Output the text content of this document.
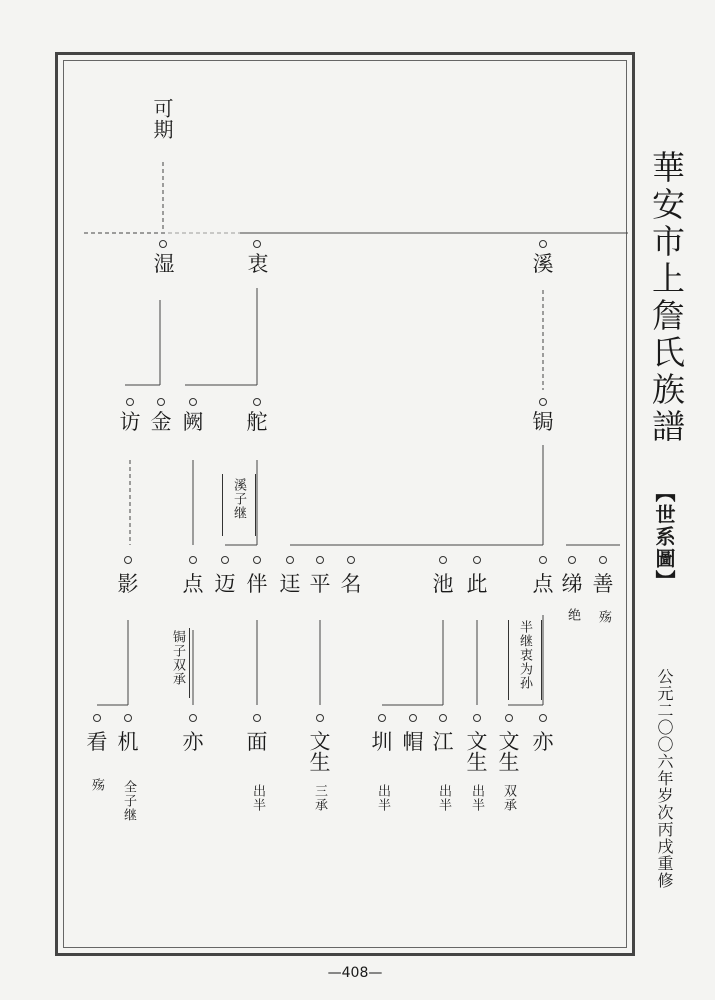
可期
湿	衷	溪
访 金 阙 舵	锔
溪子继
影 点 迈 伴 迋 平 名	池 此 点 绨 善
绝 殇
锔子双承	半继衷为孙
看 机 亦 面 文生 圳 帽 江 文生 文生 亦
殇 全子继	出半	三承	出半	出半 出半 双承
華安市上詹氏族譜
【世系圖】
公元二〇〇六年岁次丙戌重修
—408—
